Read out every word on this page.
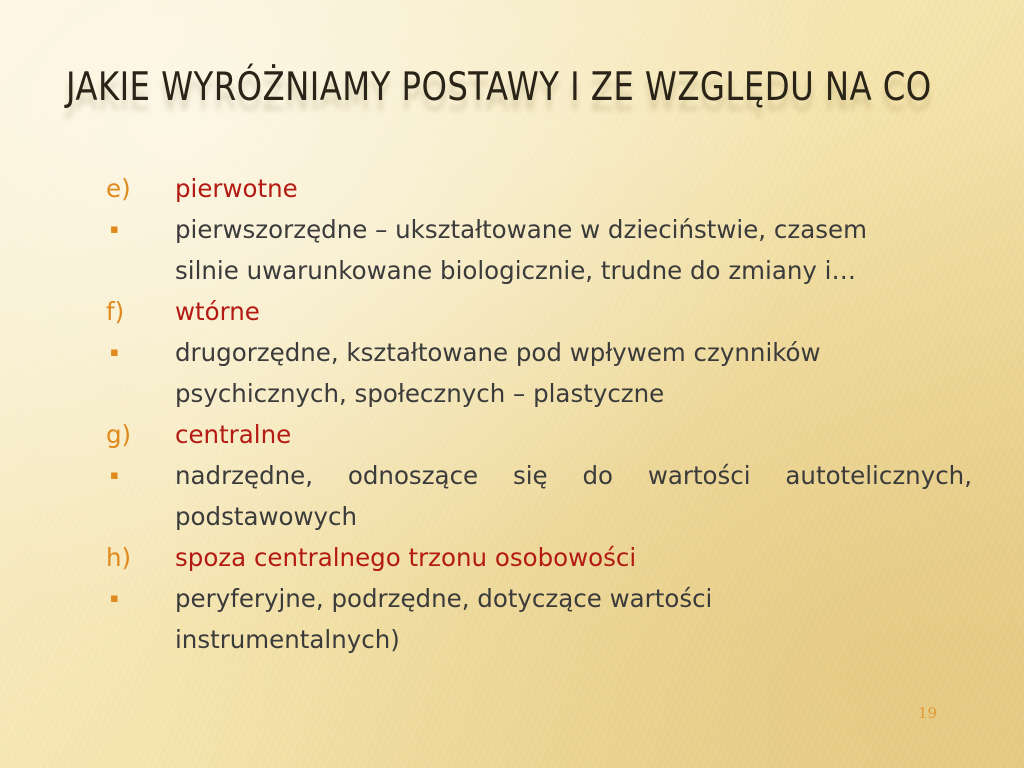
JAKIE WYRÓŻNIAMY POSTAWY I ZE WZGLĘDU NA CO
e)	pierwotne
▪	pierwszorzędne – ukształtowane w dzieciństwie, czasem silnie uwarunkowane biologicznie, trudne do zmiany i…
f)	wtórne
▪	drugorzędne, kształtowane pod wpływem czynników psychicznych, społecznych – plastyczne
g)	centralne
▪	nadrzędne, odnoszące się do wartości autotelicznych, podstawowych
h)	spoza centralnego trzonu osobowości
▪	peryferyjne, podrzędne, dotyczące wartości instrumentalnych)
19
